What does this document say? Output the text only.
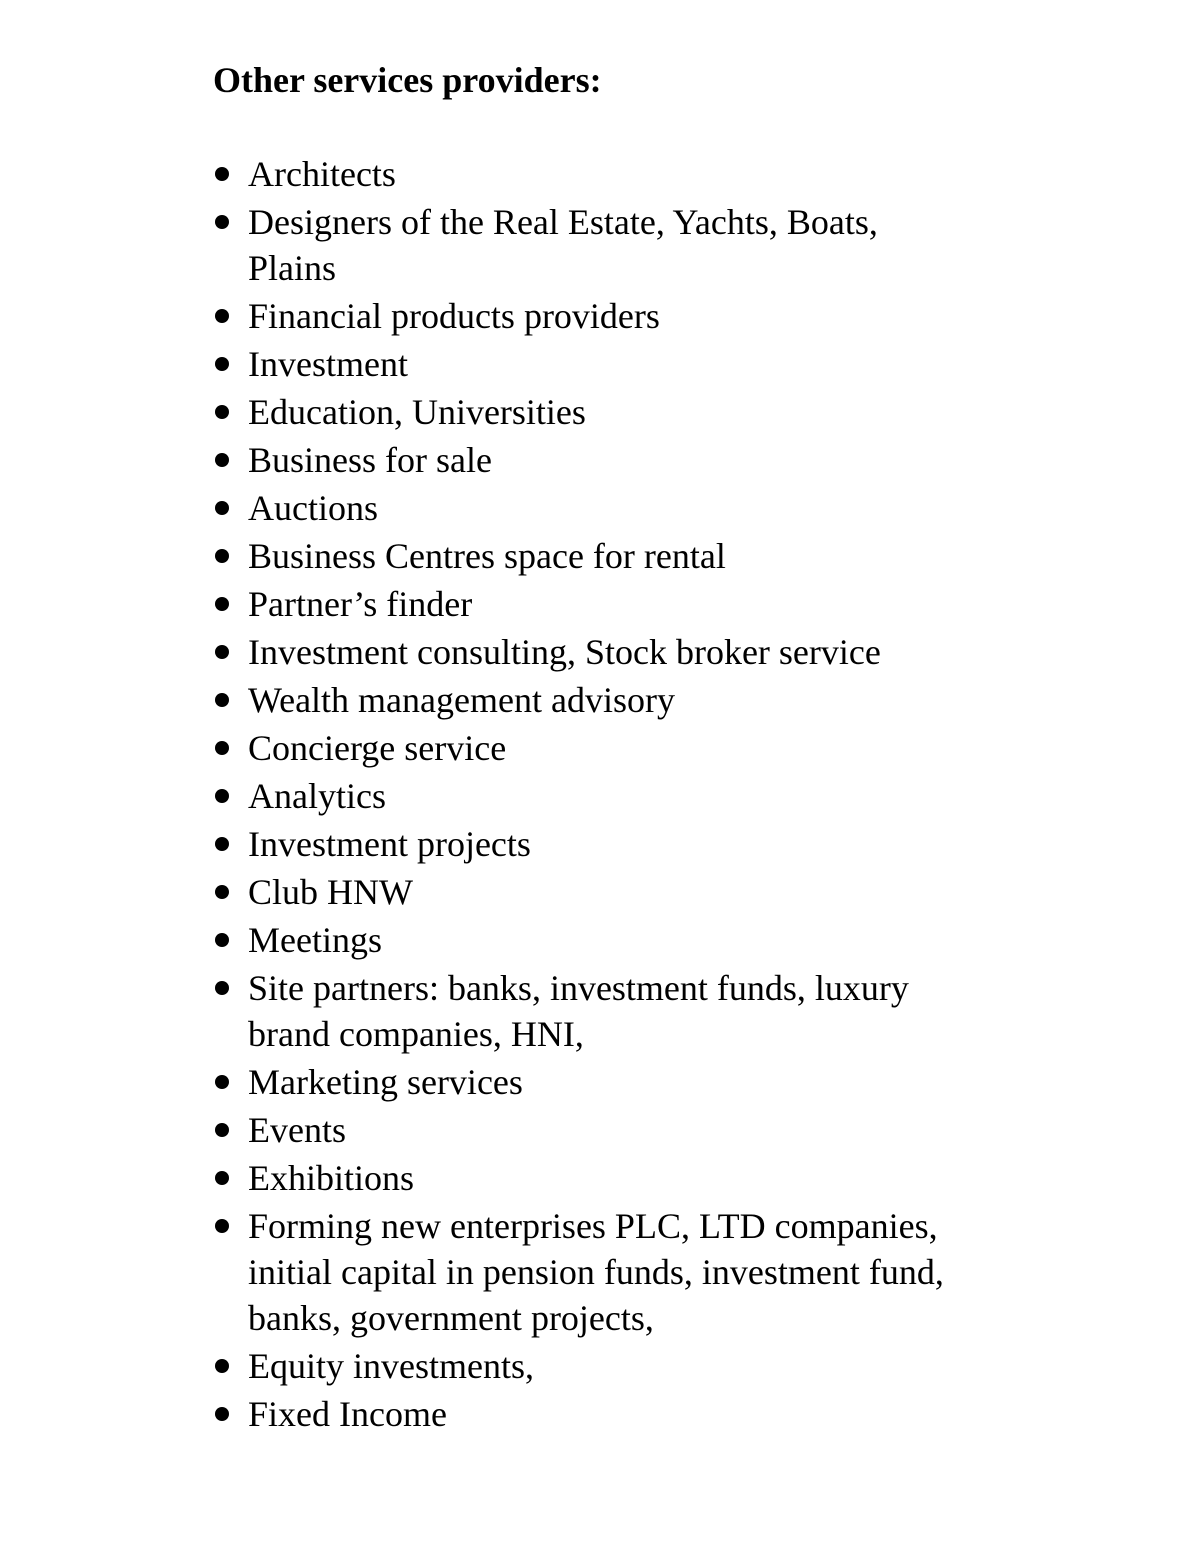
Other services providers:
Architects
Designers of the Real Estate, Yachts, Boats,
Plains
Financial products providers
Investment
Education, Universities
Business for sale
Auctions
Business Centres space for rental
Partner’s finder
Investment consulting, Stock broker service
Wealth management advisory
Concierge service
Analytics
Investment projects
Club HNW
Meetings
Site partners: banks, investment funds, luxury
brand companies, HNI,
Marketing services
Events
Exhibitions
Forming new enterprises PLC, LTD companies,
initial capital in pension funds, investment fund,
banks, government projects,
Equity investments,
Fixed Income
